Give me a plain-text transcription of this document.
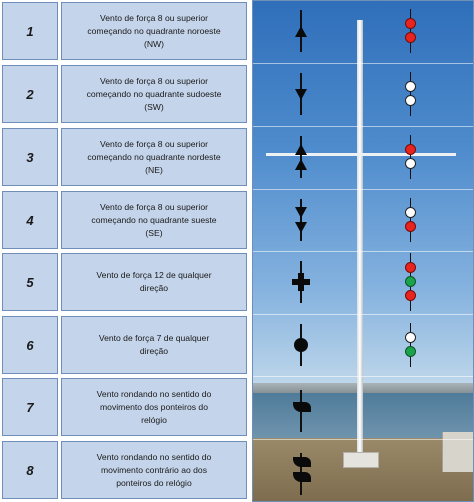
1
Vento de força 8 ou superior
começando no quadrante noroeste
(NW)
2
Vento de força 8 ou superior
começando no quadrante sudoeste
(SW)
3
Vento de força 8 ou superior
começando no quadrante nordeste
(NE)
4
Vento de força 8 ou superior
começando no quadrante sueste
(SE)
5	Vento de força 12 de qualquer
direção
6	Vento de força 7 de qualquer
direção
7
Vento rondando no sentido do
movimento dos ponteiros do
relógio
8
Vento rondando no sentido do
movimento contrário ao dos
ponteiros do relógio
